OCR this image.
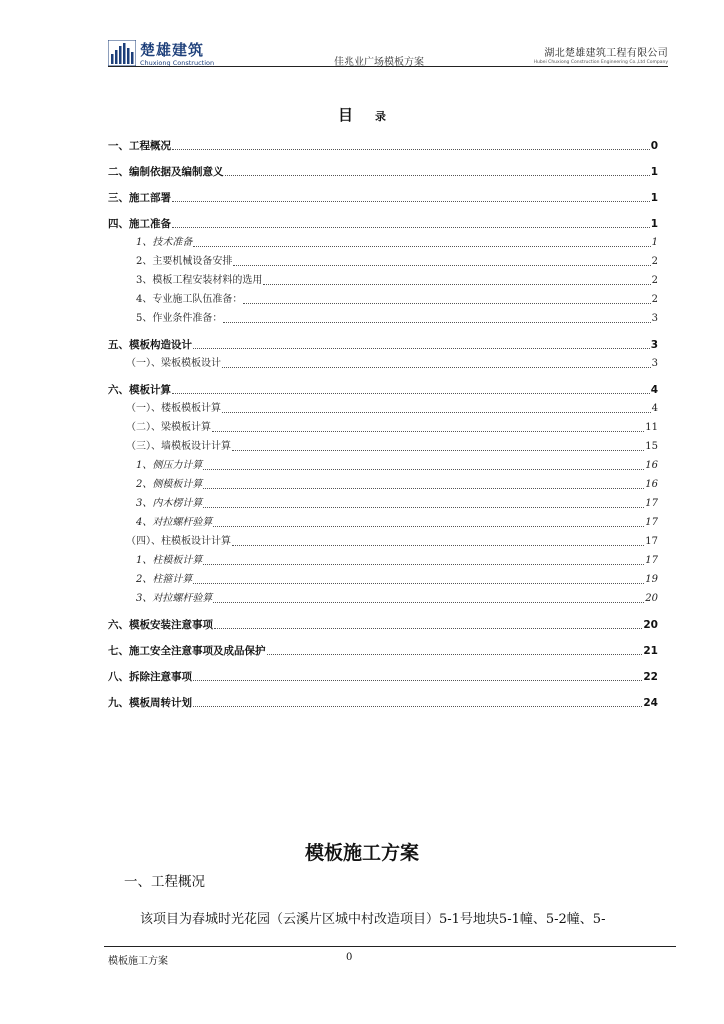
楚雄建筑
Chuxiong Construction	佳兆业广场模板方案
湖北楚雄建筑工程有限公司
Hubei Chuxiong Construction Engineering Co.,Ltd Company
目 录
一、工程概况	0
二、编制依据及编制意义	1
三、施工部署	1
四、施工准备	1
1、技术准备	1
2、主要机械设备安排	2
3、模板工程安装材料的选用	2
4、专业施工队伍准备：	2
5、作业条件准备：	3
五、模板构造设计	3
（一）、梁板模板设计	3
六、模板计算	4
（一）、楼板模板计算	4
（二）、梁模板计算	11
（三）、墙模板设计计算	15
1、侧压力计算	16
2、侧模板计算	16
3、内木楞计算	17
4、对拉螺杆验算	17
（四）、柱模板设计计算	17
1、柱模板计算	17
2、柱箍计算	19
3、对拉螺杆验算	20
六、模板安装注意事项	20
七、施工安全注意事项及成品保护	21
八、拆除注意事项	22
九、模板周转计划	24
模板施工方案
一、工程概况
该项目为春城时光花园（云溪片区城中村改造项目）5-1号地块5-1幢、5-2幢、5-
模板施工方案	0
